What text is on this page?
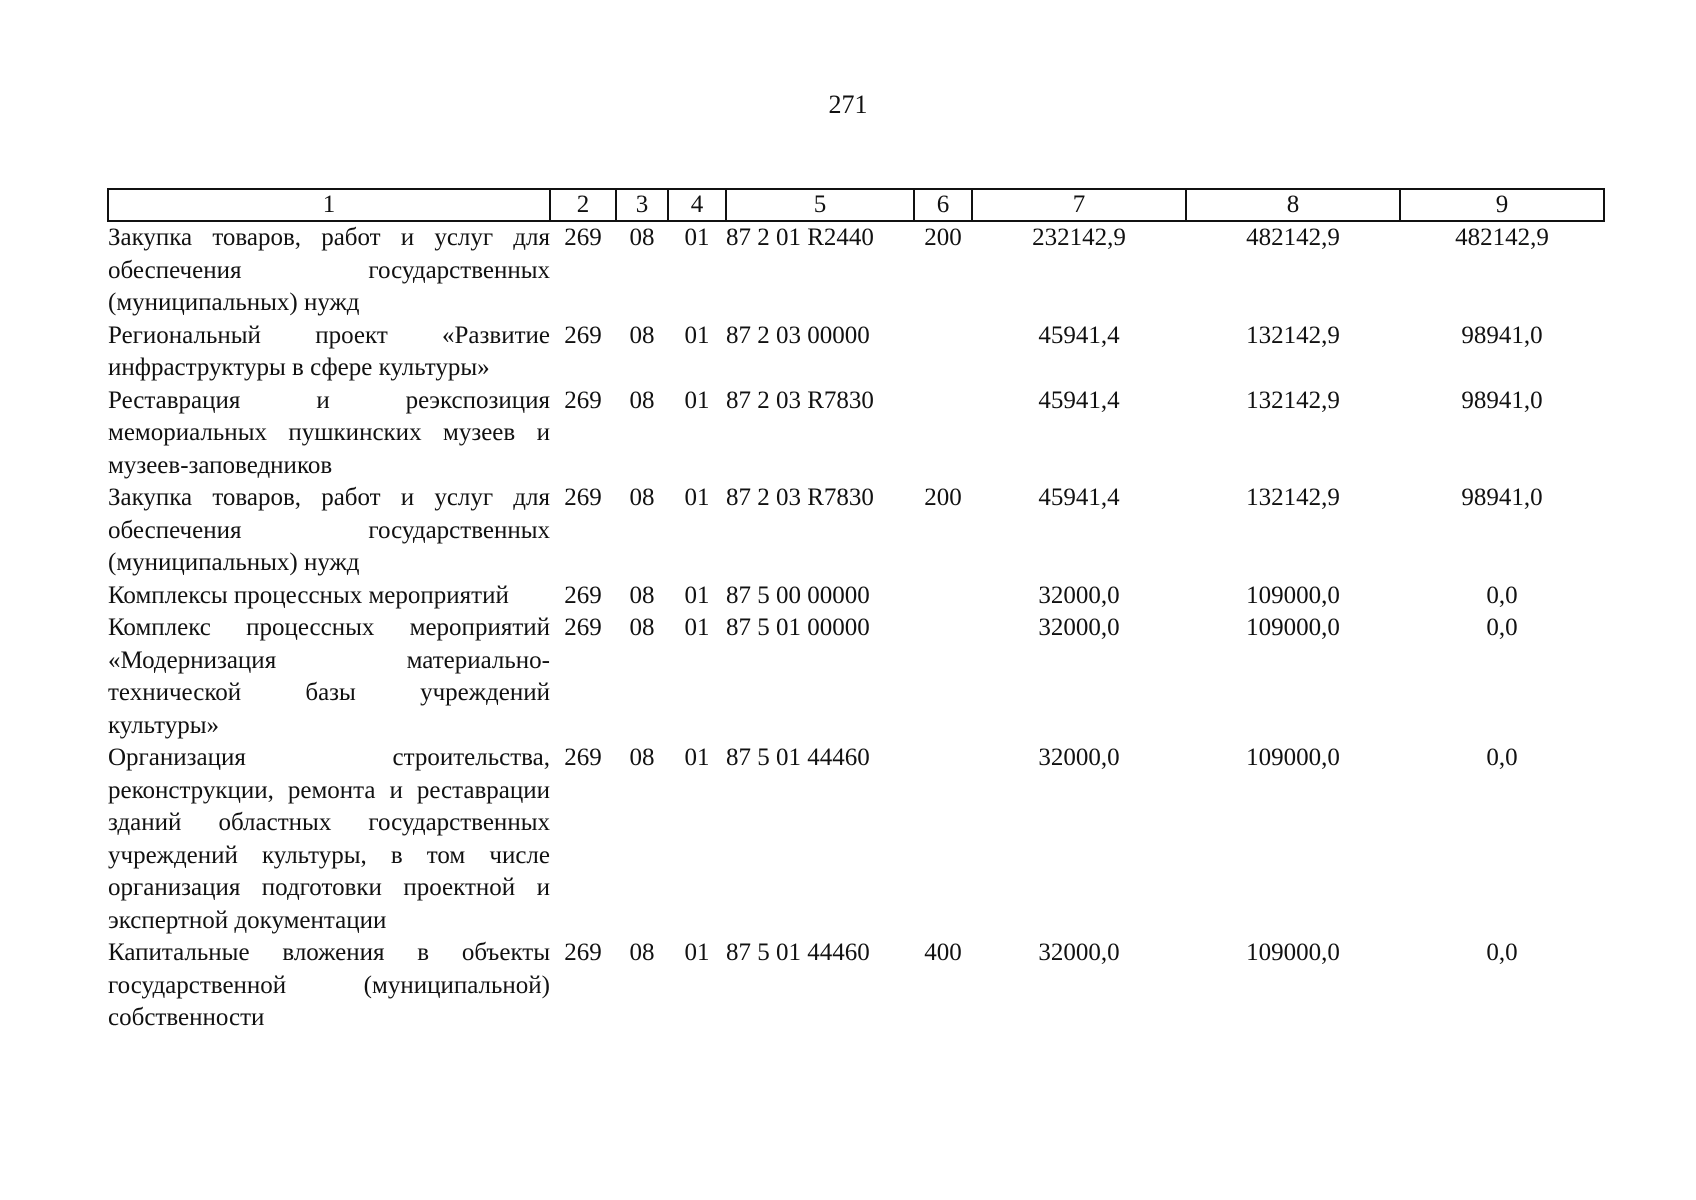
271
1	2	3	4	5	6	7	8	9
Закупка товаров, работ и услуг для обеспечения государственных (муниципальных) нужд	269	08	01	87 2 01 R2440	200	232142,9	482142,9	482142,9
Региональный проект «Развитие инфраструктуры в сфере культуры»	269	08	01	87 2 03 00000		45941,4	132142,9	98941,0
Реставрация и реэкспозиция мемориальных пушкинских музеев и музеев-заповедников	269	08	01	87 2 03 R7830		45941,4	132142,9	98941,0
Закупка товаров, работ и услуг для обеспечения государственных (муниципальных) нужд	269	08	01	87 2 03 R7830	200	45941,4	132142,9	98941,0
Комплексы процессных мероприятий	269	08	01	87 5 00 00000		32000,0	109000,0	0,0
Комплекс процессных мероприятий «Модернизация материально-технической базы учреждений культуры»	269	08	01	87 5 01 00000		32000,0	109000,0	0,0
Организация строительства, реконструкции, ремонта и реставрации зданий областных государственных учреждений культуры, в том числе организация подготовки проектной и экспертной документации	269	08	01	87 5 01 44460		32000,0	109000,0	0,0
Капитальные вложения в объекты государственной (муниципальной) собственности	269	08	01	87 5 01 44460	400	32000,0	109000,0	0,0
